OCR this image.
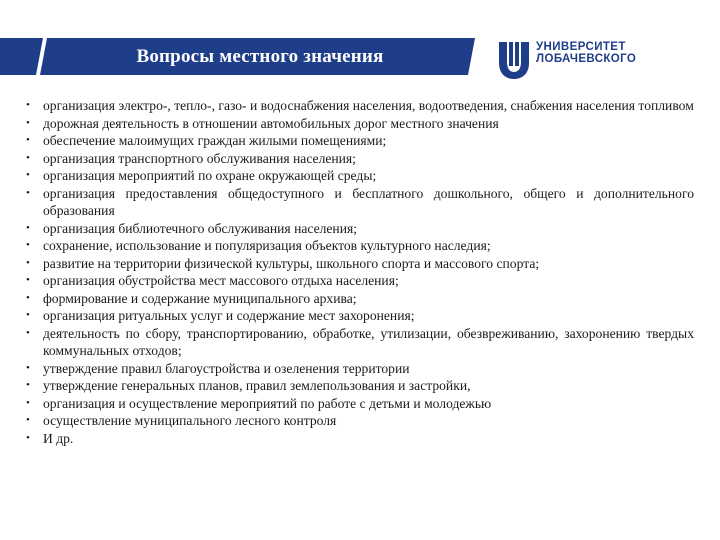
Вопросы местного значения	УНИВЕРСИТЕТ
ЛОБАЧЕВСКОГО
• организация электро-, тепло-, газо- и водоснабжения населения, водоотведения, снабжения населения топливом
• дорожная деятельность в отношении автомобильных дорог местного значения
• обеспечение малоимущих граждан жилыми помещениями;
• организация транспортного обслуживания населения;
• организация мероприятий по охране окружающей среды;
• организация предоставления общедоступного и бесплатного дошкольного, общего и дополнительного образования
• организация библиотечного обслуживания населения;
• сохранение, использование и популяризация объектов культурного наследия;
• развитие на территории физической культуры, школьного спорта и массового спорта;
• организация обустройства мест массового отдыха населения;
• формирование и содержание муниципального архива;
• организация ритуальных услуг и содержание мест захоронения;
• деятельность по сбору, транспортированию, обработке, утилизации, обезвреживанию, захоронению твердых коммунальных отходов;
• утверждение правил благоустройства и озеленения территории
• утверждение генеральных планов, правил землепользования и застройки,
• организация и осуществление мероприятий по работе с детьми и молодежью
• осуществление муниципального лесного контроля
• И др.
